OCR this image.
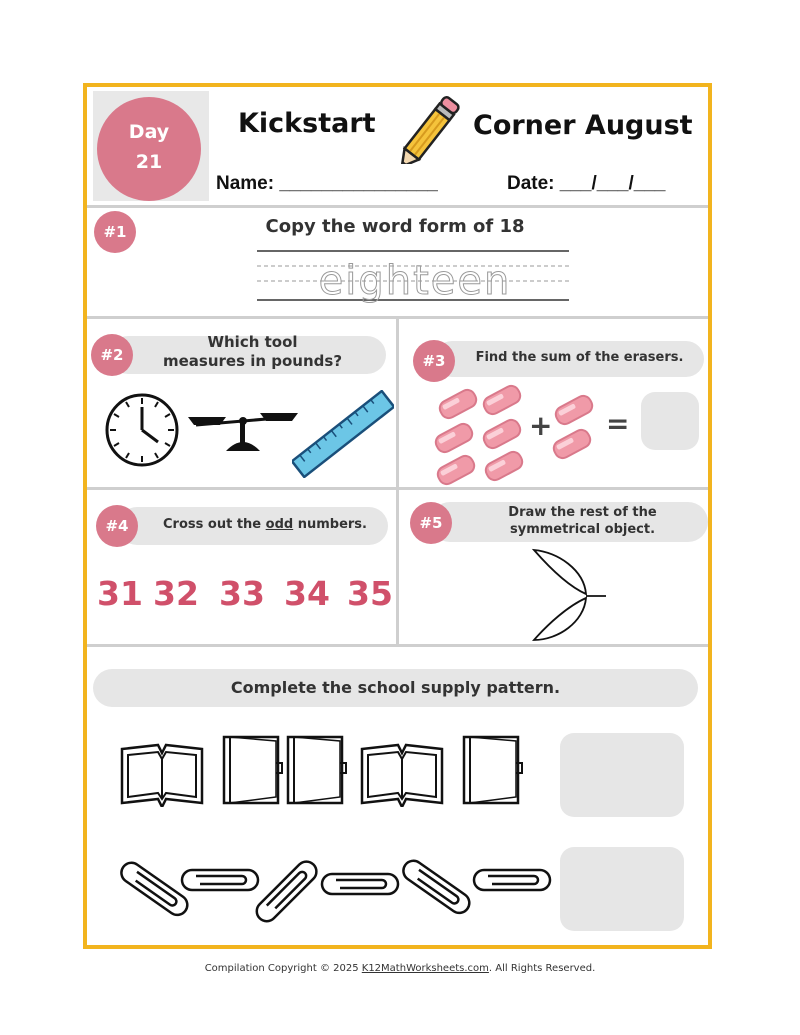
Day
21
Kickstart	Corner August
Name: _______________	Date: ___/___/___
#1	Copy the word form of 18
eighteen
#2
Which tool
measures in pounds?	#3	Find the sum of the erasers.
+ =
#4	Cross out the odd numbers.
31 32 33 34 35
#5
Draw the rest of the
symmetrical object.
Complete the school supply pattern.
Compilation Copyright © 2025 K12MathWorksheets.com. All Rights Reserved.
